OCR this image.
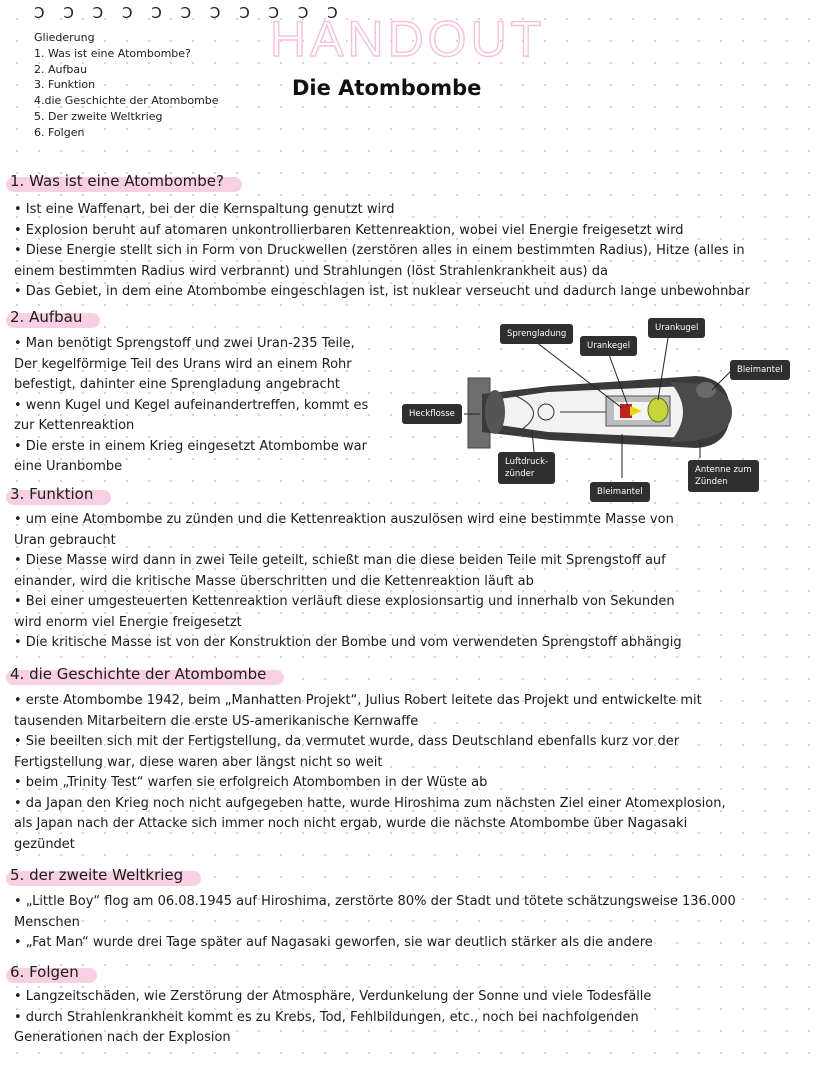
Ɔ Ɔ Ɔ Ɔ Ɔ Ɔ Ɔ Ɔ Ɔ Ɔ Ɔ
Gliederung
1. Was ist eine Atombombe?
2. Aufbau
3. Funktion
4.die Geschichte der Atombombe
5. Der zweite Weltkrieg
6. Folgen
HANDOUT
Die Atombombe
1. Was ist eine Atombombe?
• Ist eine Waffenart, bei der die Kernspaltung genutzt wird
• Explosion beruht auf atomaren unkontrollierbaren Kettenreaktion, wobei viel Energie freigesetzt wird
• Diese Energie stellt sich in Form von Druckwellen (zerstören alles in einem bestimmten Radius), Hitze (alles in
einem bestimmten Radius wird verbrannt) und Strahlungen (löst Strahlenkrankheit aus) da
• Das Gebiet, in dem eine Atombombe eingeschlagen ist, ist nuklear verseucht und dadurch lange unbewohnbar
2. Aufbau
• Man benötigt Sprengstoff und zwei Uran-235 Teile,
Der kegelförmige Teil des Urans wird an einem Rohr
befestigt, dahinter eine Sprengladung angebracht
• wenn Kugel und Kegel aufeinandertreffen, kommt es
zur Kettenreaktion
• Die erste in einem Krieg eingesetzt Atombombe war
eine Uranbombe
Sprengladung
Urankegel
Urankugel
Bleimantel
Heckflosse
Luftdruck-
zünder
Bleimantel
Antenne zum
Zünden
3. Funktion
• um eine Atombombe zu zünden und die Kettenreaktion auszulösen wird eine bestimmte Masse von
Uran gebraucht
• Diese Masse wird dann in zwei Teile geteilt, schießt man die diese beiden Teile mit Sprengstoff auf
einander, wird die kritische Masse überschritten und die Kettenreaktion läuft ab
• Bei einer umgesteuerten Kettenreaktion verläuft diese explosionsartig und innerhalb von Sekunden
wird enorm viel Energie freigesetzt
• Die kritische Masse ist von der Konstruktion der Bombe und vom verwendeten Sprengstoff abhängig
4. die Geschichte der Atombombe
• erste Atombombe 1942, beim „Manhatten Projekt“, Julius Robert leitete das Projekt und entwickelte mit
tausenden Mitarbeitern die erste US-amerikanische Kernwaffe
• Sie beeilten sich mit der Fertigstellung, da vermutet wurde, dass Deutschland ebenfalls kurz vor der
Fertigstellung war, diese waren aber längst nicht so weit
• beim „Trinity Test“ warfen sie erfolgreich Atombomben in der Wüste ab
• da Japan den Krieg noch nicht aufgegeben hatte, wurde Hiroshima zum nächsten Ziel einer Atomexplosion,
als Japan nach der Attacke sich immer noch nicht ergab, wurde die nächste Atombombe über Nagasaki
gezündet
5. der zweite Weltkrieg
• „Little Boy“ flog am 06.08.1945 auf Hiroshima, zerstörte 80% der Stadt und tötete schätzungsweise 136.000
Menschen
• „Fat Man“ wurde drei Tage später auf Nagasaki geworfen, sie war deutlich stärker als die andere
6. Folgen
• Langzeitschäden, wie Zerstörung der Atmosphäre, Verdunkelung der Sonne und viele Todesfälle
• durch Strahlenkrankheit kommt es zu Krebs, Tod, Fehlbildungen, etc., noch bei nachfolgenden
Generationen nach der Explosion
